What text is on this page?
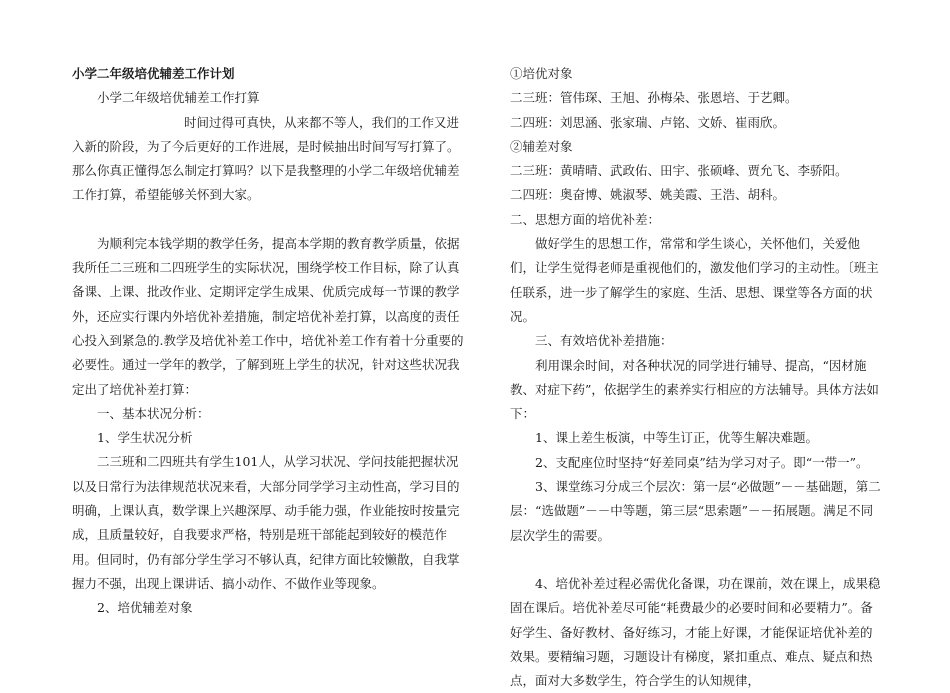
小学二年级培优辅差工作计划

小学二年级培优辅差工作打算

时间过得可真快，从来都不等人，我们的工作又进入新的阶段，为了今后更好的工作进展，是时候抽出时间写写打算了。那么你真正懂得怎么制定打算吗？以下是我整理的小学二年级培优辅差工作打算，希望能够关怀到大家。

为顺利完本钱学期的教学任务，提高本学期的教育教学质量，依据我所任二三班和二四班学生的实际状况，围绕学校工作目标，除了认真备课、上课、批改作业、定期评定学生成果、优质完成每一节课的教学外，还应实行课内外培优补差措施，制定培优补差打算，以高度的责任心投入到紧急的.教学及培优补差工作中，培优补差工作有着十分重要的必要性。通过一学年的教学，了解到班上学生的状况，针对这些状况我定出了培优补差打算：

一、基本状况分析：

1、学生状况分析

二三班和二四班共有学生101人，从学习状况、学问技能把握状况以及日常行为法律规范状况来看，大部分同学学习主动性高，学习目的明确，上课认真，数学课上兴趣深厚、动手能力强，作业能按时按量完成，且质量较好，自我要求严格，特别是班干部能起到较好的模范作用。但同时，仍有部分学生学习不够认真，纪律方面比较懒散，自我掌握力不强，出现上课讲话、搞小动作、不做作业等现象。

2、培优辅差对象

①培优对象

二三班：管伟琛、王旭、孙梅朵、张恩培、于艺卿。

二四班：刘思涵、张家瑞、卢铭、文娇、崔雨欣。

②辅差对象

二三班：黄晴晴、武政佑、田宇、张硕峰、贾允飞、李骄阳。

二四班：奥奋博、姚淑琴、姚美霞、王浩、胡科。

二、思想方面的培优补差：

做好学生的思想工作，常常和学生谈心，关怀他们，关爱他们，让学生觉得老师是重视他们的，激发他们学习的主动性。〔班主任联系，进一步了解学生的家庭、生活、思想、课堂等各方面的状况。

三、有效培优补差措施：

利用课余时间，对各种状况的同学进行辅导、提高，“因材施教、对症下药”，依据学生的素养实行相应的方法辅导。具体方法如下：

1、课上差生板演，中等生订正，优等生解决难题。

2、支配座位时坚持“好差同桌”结为学习对子。即“一带一”。

3、课堂练习分成三个层次：第一层“必做题”－－基础题，第二层：“选做题”－－中等题，第三层“思索题”－－拓展题。满足不同层次学生的需要。

4、培优补差过程必需优化备课，功在课前，效在课上，成果稳固在课后。培优补差尽可能“耗费最少的必要时间和必要精力”。备好学生、备好教材、备好练习，才能上好课，才能保证培优补差的效果。要精编习题，习题设计有梯度，紧扣重点、难点、疑点和热点，面对大多数学生，符合学生的认知规律，
